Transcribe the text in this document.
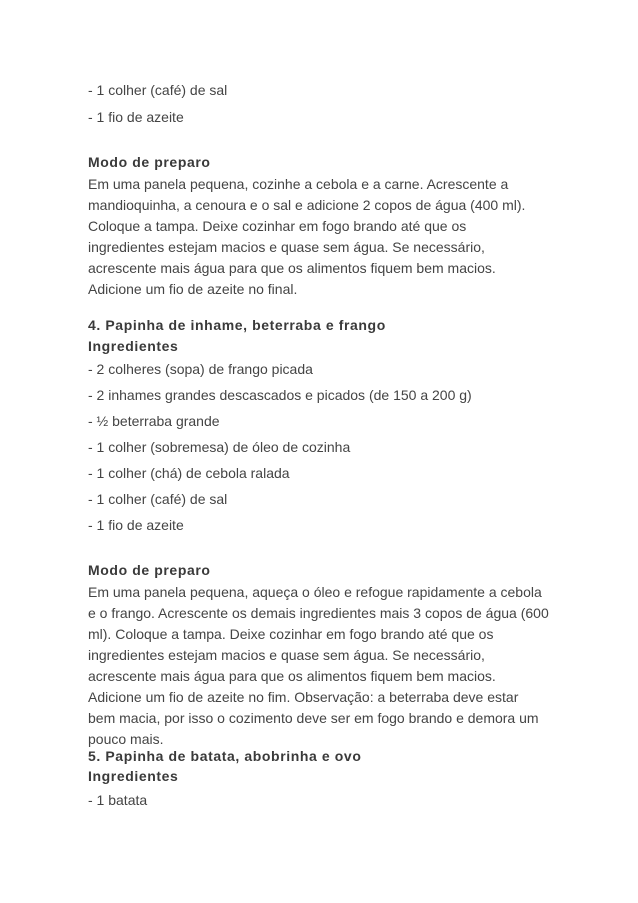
- 1 colher (café) de sal
- 1 fio de azeite
Modo de preparo
Em uma panela pequena, cozinhe a cebola e a carne. Acrescente a
mandioquinha, a cenoura e o sal e adicione 2 copos de água (400 ml).
Coloque a tampa. Deixe cozinhar em fogo brando até que os
ingredientes estejam macios e quase sem água. Se necessário,
acrescente mais água para que os alimentos fiquem bem macios.
Adicione um fio de azeite no final.
4. Papinha de inhame, beterraba e frango
Ingredientes
- 2 colheres (sopa) de frango picada
- 2 inhames grandes descascados e picados (de 150 a 200 g)
- ½ beterraba grande
- 1 colher (sobremesa) de óleo de cozinha
- 1 colher (chá) de cebola ralada
- 1 colher (café) de sal
- 1 fio de azeite
Modo de preparo
Em uma panela pequena, aqueça o óleo e refogue rapidamente a cebola
e o frango. Acrescente os demais ingredientes mais 3 copos de água (600
ml). Coloque a tampa. Deixe cozinhar em fogo brando até que os
ingredientes estejam macios e quase sem água. Se necessário,
acrescente mais água para que os alimentos fiquem bem macios.
Adicione um fio de azeite no fim. Observação: a beterraba deve estar
bem macia, por isso o cozimento deve ser em fogo brando e demora um
pouco mais.
5. Papinha de batata, abobrinha e ovo
Ingredientes
- 1 batata
